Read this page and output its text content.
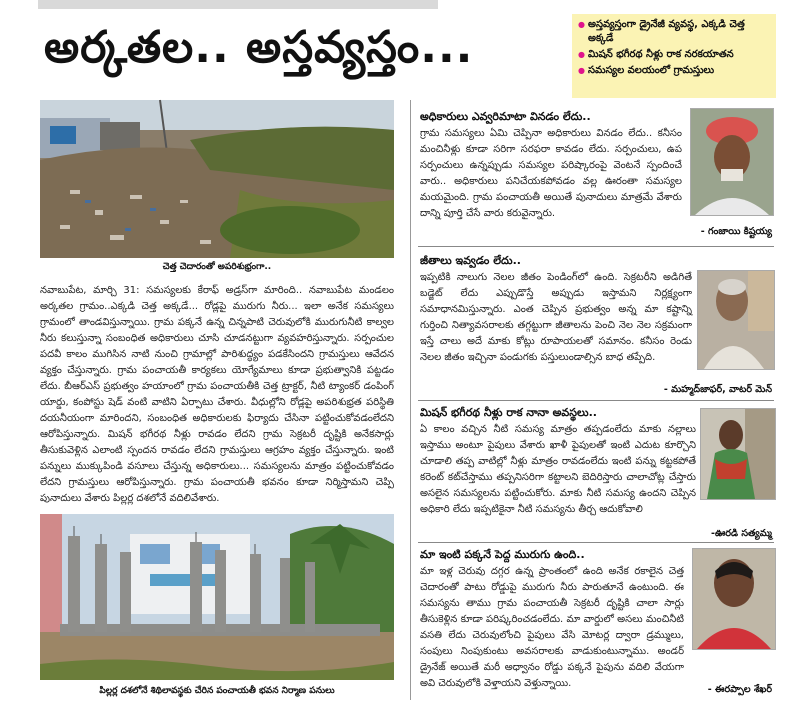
అర్కతల.. అస్తవ్యస్తం...
●	అస్తవ్యస్తంగా డ్రైనేజీ వ్యవస్థ, ఎక్కడి చెత్త అక్కడే
● మిషన్ భగీరథ నీళ్లు రాక నరకయాతన
● సమస్యల వలయంలో గ్రామస్తులు
చెత్త చెదారంతో అపరిశుభ్రంగా..
నవాబుపేట, మార్చి 31: సమస్యలకు కేరాఫ్ అడ్రస్‌గా మారింది.. నవాబుపేట మండలం అర్కతల గ్రామం..ఎక్కడి చెత్త అక్కడే... రోడ్లపై మురుగు నీరు... ఇలా అనేక సమస్యలు గ్రామంలో తాండవిస్తున్నాయి. గ్రామ పక్కనే ఉన్న చిన్నపాటి చెరువులోకి మురుగునీటి కాల్వల నీరు కలుస్తున్నా సంబంధిత అధికారులు చూసి చూడనట్టుగా వ్యవహరిస్తున్నారు. సర్పంచుల పదవీ కాలం ముగిసిన నాటి నుంచి గ్రామాల్లో పారిశుద్ధ్యం పడకేసిందని గ్రామస్తులు ఆవేదన వ్యక్తం చేస్తున్నారు. గ్రామ పంచాయతీ కార్యకలు యోగ్యేమాలు కూడా ప్రభుత్వానికి పట్టడం లేదు. బీఆర్ఎస్ ప్రభుత్వం హయాంలో గ్రామ పంచాయతీకి చెత్త ట్రాక్టర్, నీటి ట్యాంకర్ డంపింగ్ యార్డు, కంపోస్టు షెడ్ వంటి వాటిని ఏర్పాటు చేశారు. వీధుల్లోని రోడ్లపై అపరిశుభ్రత పరిస్థితి దయనీయంగా మారిందని, సంబంధిత అధికారులకు ఫిర్యాదు చేసినా పట్టించుకోవడంలేదని ఆరోపిస్తున్నారు. మిషన్ భగీరథ నీళ్లు రావడం లేదని గ్రామ సెక్రటరీ దృష్టికి అనేకసార్లు తీసుకువెళ్లిన ఎలాంటి స్పందన రావడం లేదని గ్రామస్తులు ఆగ్రహం వ్యక్తం చేస్తున్నారు. ఇంటి పన్నులు ముక్కుపిండి వసూలు చేస్తున్న అధికారులు... సమస్యలను మాత్రం పట్టించుకోవడం లేదని గ్రామస్తులు ఆరోపిస్తున్నారు. గ్రామ పంచాయతీ భవనం కూడా నిర్మిస్తామని చెప్పి పునాదులు వేశారు పిల్లర్ల దశలోనే వదిలివేశారు.
పిల్లర్ల దశలోనే శిథిలావస్థకు చేరిన పంచాయతీ భవన నిర్మాణ పనులు
అధికారులు ఎవ్వరిమాటా వినడం లేదు..
గ్రామ సమస్యలు ఏమి చెప్పినా అధికారులు వినడం లేదు.. కనీసం మంచినీళ్లు కూడా సరిగా సరఫరా కావడం లేదు. సర్పంచులు, ఉప సర్పంచులు ఉన్నప్పుడు సమస్యల పరిష్కారంపై వెంటనే స్పందించే వారు.. అధికారులు పనిచేయకపోవడం వల్ల ఊరంతా సమస్యల మయమైంది. గ్రామ పంచాయతీ అయితే పునాదులు మాత్రమే వేశారు దాన్ని పూర్తి చేసే వారు కరువైన్నారు.
- గంజాయి కిష్టయ్య
జీతాలు ఇవ్వడం లేదు..
ఇప్పటికి నాలుగు నెలల జీతం పెండింగ్‌లో ఉంది. సెక్రటరీని అడిగితే బడ్జెట్ లేదు ఎప్పుడొస్తే అప్పుడు ఇస్తామని నిర్లక్ష్యంగా సమాధానమిస్తున్నారు. ఎంత చెప్పిన ప్రభుత్వం అన్న మా కష్టాన్ని గుర్తించి నిత్యావసరాలకు తగ్గట్టుగా జీతాలను పెంచి నెల నెల సక్రమంగా ఇస్తే చాలు అదే మాకు కోట్లు రూపాయలతో సమానం. కనీసం రెండు నెలల జీతం ఇచ్చినా పండుగకు పస్తులుండాల్సిన బాధ తప్పేది.
- మహ్మద్‌జాఫర్, వాటర్ మెన్
మిషన్ భగీరథ నీళ్లు రాక నానా అవస్థలు..
ఏ కాలం వచ్చిన నీటి సమస్య మాత్రం తప్పడంలేదు మాకు నల్లాలు ఇస్తాము అంటూ పైపులు వేశారు ఖాళీ పైపులతో ఇంటి ఎదుట కూర్చొని చూడాలి తప్ప వాటిల్లో నీళ్లు మాత్రం రావడంలేదు ఇంటి పన్ను కట్టకపోతే కరెంట్ కట్‌చేస్తాము తప్పనిసరిగా కట్టాలని బెదిరిస్తారు చాలాచోట్ల చేస్తారు అసలైన సమస్యలను పట్టించుకోరు. మాకు నీటి సమస్య ఉందని చెప్పిన అధికారి లేదు ఇప్పటికైనా నీటి సమస్యను తీర్చ ఆదుకోవాలి
-ఊరడి సత్యమ్మ
మా ఇంటి పక్కనే పెద్ద మురుగు ఉంది..
మా ఇళ్ల చెరువు దగ్గర ఉన్న ప్రాంతంలో ఉంది అనేక రకాలైన చెత్త చెదారంతో పాటు రోడ్డుపై మురుగు నీరు పారుతూనే ఉంటుంది. ఈ సమస్యను తాము గ్రామ పంచాయతీ సెక్రటరీ దృష్టికి చాలా సార్లు తీసుకెళ్లిన కూడా పరిష్కరించడంలేదు. మా వార్డులో అసలు మంచినీటి వసతి లేదు చెరువులోంచి పైపులు వేసి మోటర్ల ద్వారా డ్రమ్ములు, సంపులు నింపుకుంటు అవసరాలకు వాడుకుంటున్నాము. అండర్ డ్రైనేజ్ అయితే మరీ అధ్వానం రోడ్డు పక్కనే పైపును వదిలి వేయగా అవి చెరువులోకి వెళ్తాయని వెళ్తున్నాయి.
- ఈరప్పాల శేఖర్
